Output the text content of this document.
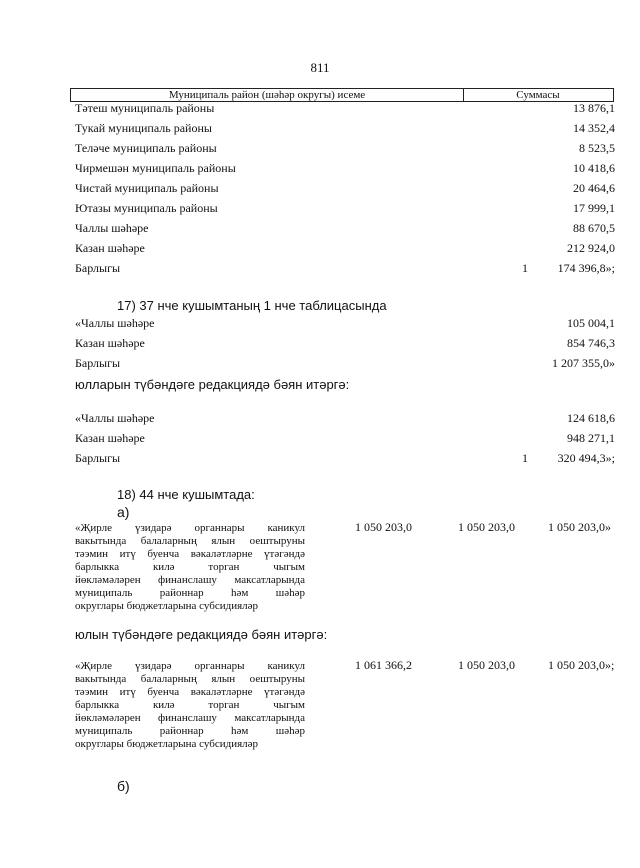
811
Муниципаль район (шәһәр округы) исеме	Суммасы
Тәтеш муниципаль районы	13 876,1
Тукай муниципаль районы	14 352,4
Теләче муниципаль районы	8 523,5
Чирмешән муниципаль районы	10 418,6
Чистай муниципаль районы	20 464,6
Ютазы муниципаль районы	17 999,1
Чаллы шәһәре	88 670,5
Казан шәһәре	212 924,0
Барлыгы	1 174 396,8»;
17) 37 нче кушымтаның 1 нче таблицасында
«Чаллы шәһәре	105 004,1
Казан шәһәре	854 746,3
Барлыгы	1 207 355,0»
юлларын түбәндәге редакциядә бәян итәргә:
«Чаллы шәһәре	124 618,6
Казан шәһәре	948 271,1
Барлыгы	1 320 494,3»;
18) 44 нче кушымтада:
а)
«Җирле үзидарә органнары каникул
вакытында балаларның ялын оештыруны
тәэмин итү буенча вәкаләтләрне үтәгәндә
барлыкка килә торган чыгым
йөкләмәләрен финанслашу максатларында
муниципаль районнар һәм шәһәр
округлары бюджетларына субсидияләр
1 050 203,0	1 050 203,0	1 050 203,0»
юлын түбәндәге редакциядә бәян итәргә:
«Җирле үзидарә органнары каникул
вакытында балаларның ялын оештыруны
тәэмин итү буенча вәкаләтләрне үтәгәндә
барлыкка килә торган чыгым
йөкләмәләрен финанслашу максатларында
муниципаль районнар һәм шәһәр
округлары бюджетларына субсидияләр
1 061 366,2	1 050 203,0	1 050 203,0»;
б)
